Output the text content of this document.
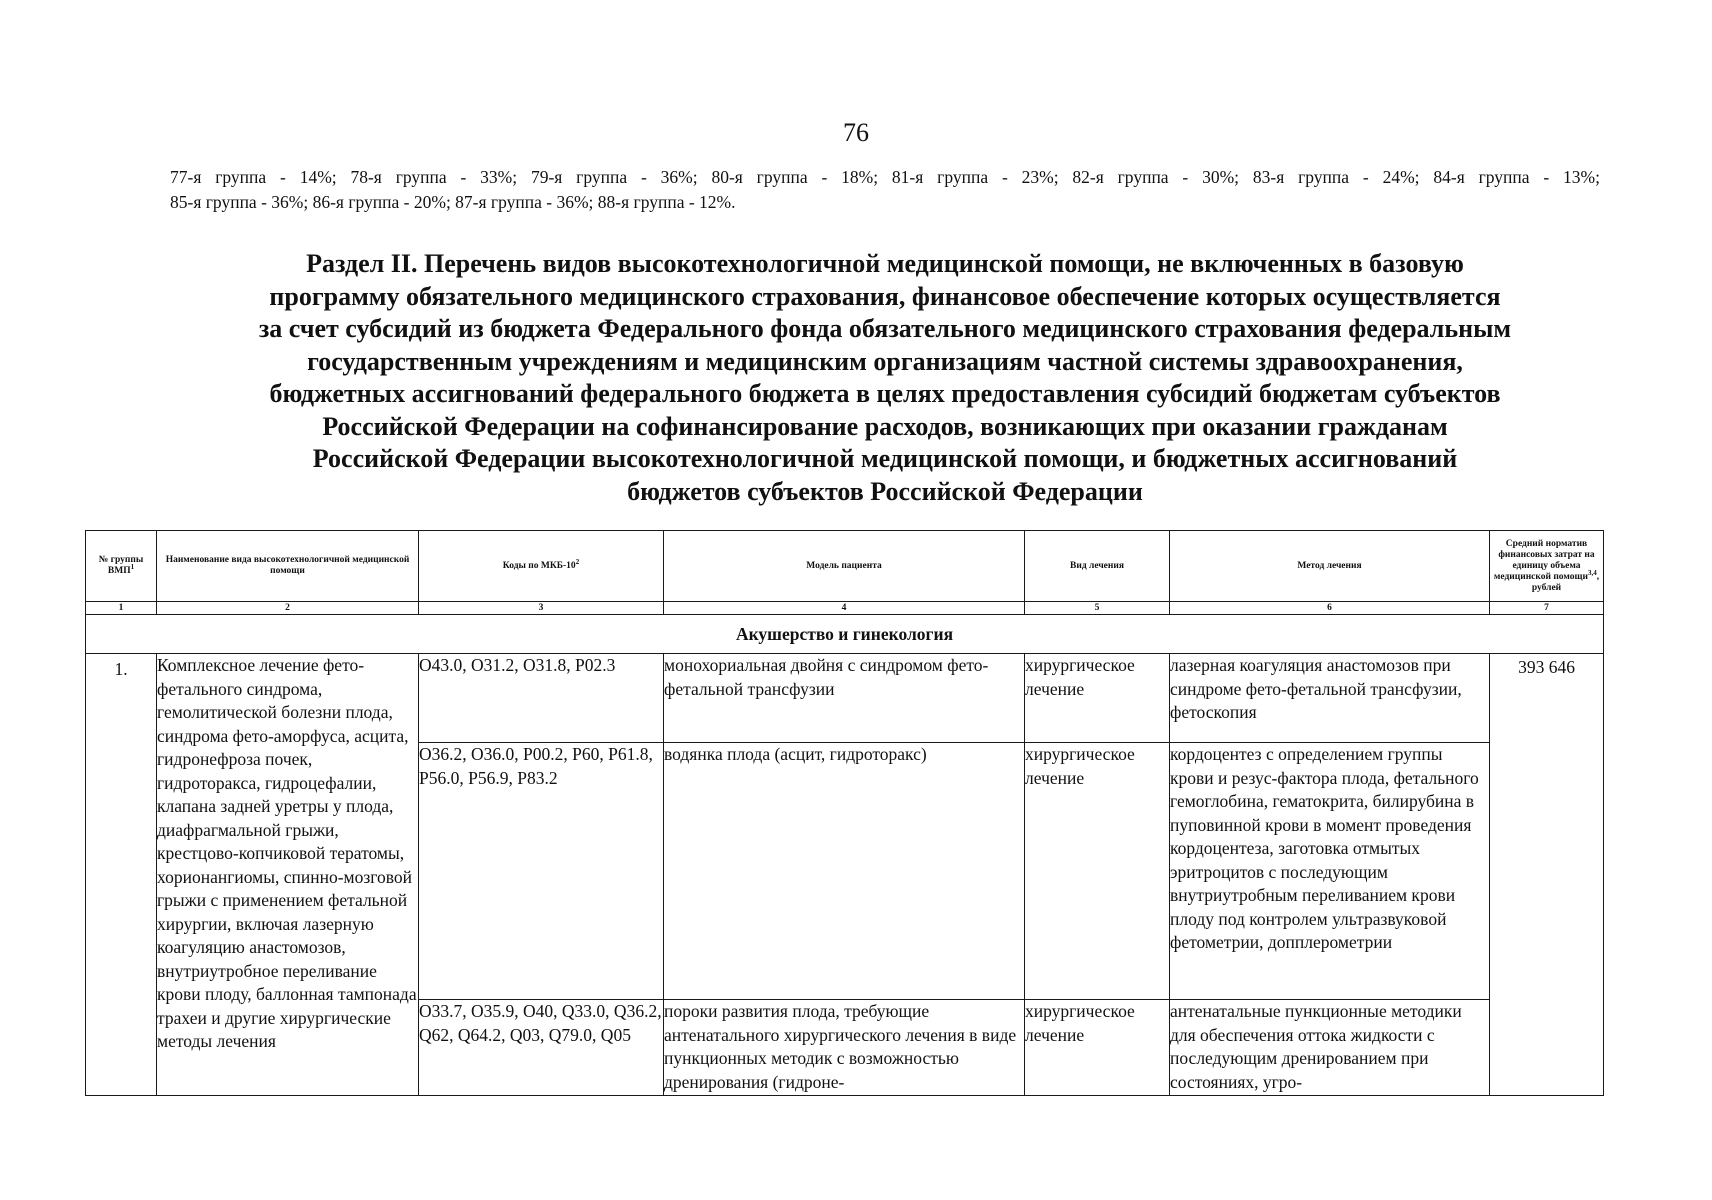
76
77-я группа - 14%; 78-я группа - 33%; 79-я группа - 36%; 80-я группа - 18%; 81-я группа - 23%; 82-я группа - 30%; 83-я группа - 24%; 84-я группа - 13%;
85-я группа - 36%; 86-я группа - 20%; 87-я группа - 36%; 88-я группа - 12%.
Раздел II. Перечень видов высокотехнологичной медицинской помощи, не включенных в базовую
программу обязательного медицинского страхования, финансовое обеспечение которых осуществляется
за счет субсидий из бюджета Федерального фонда обязательного медицинского страхования федеральным
государственным учреждениям и медицинским организациям частной системы здравоохранения,
бюджетных ассигнований федерального бюджета в целях предоставления субсидий бюджетам субъектов
Российской Федерации на софинансирование расходов, возникающих при оказании гражданам
Российской Федерации высокотехнологичной медицинской помощи, и бюджетных ассигнований
бюджетов субъектов Российской Федерации
№ группы ВМП$^1$	Наименование вида высокотехнологичной медицинской помощи	Коды по МКБ-$10^2$	Модель пациента	Вид лечения	Метод лечения	Средний норматив финансовых затрат на единицу объема медицинской помощи$^{3,4}$, рублей
1	2	3	4	5	6	7
Акушерство и гинекология						
1.	Комплексное лечение фето-фетального синдрома, гемолитической болезни плода, синдрома фето-аморфуса, асцита, гидронефроза почек, гидроторакса, гидроцефалии, клапана задней уретры у плода, диафрагмальной грыжи, крестцово-копчиковой тератомы, хорионангиомы, спинно-мозговой грыжи с применением фетальной хирургии, включая лазерную коагуляцию анастомозов, внутриутробное переливание крови плоду, баллонная тампонада трахеи и другие хирургические методы лечения	O43.0, O31.2, O31.8, P02.3	монохориальная двойня с синдромом фето-фетальной трансфузии	хирургическое лечение	лазерная коагуляция анастомозов при синдроме фето-фетальной трансфузии, фетоскопия	393 646
		O36.2, O36.0, P00.2, P60, P61.8, P56.0, P56.9, P83.2	водянка плода (асцит, гидроторакс)	хирургическое лечение	кордоцентез с определением группы крови и резус-фактора плода, фетального гемоглобина, гематокрита, билирубина в пуповинной крови в момент проведения кордоцентеза, заготовка отмытых эритроцитов с последующим внутриутробным переливанием крови плоду под контролем ультразвуковой фетометрии, допплерометрии	
		O33.7, O35.9, O40, Q33.0, Q36.2, Q62, Q64.2, Q03, Q79.0, Q05	пороки развития плода, требующие антенатального хирургического лечения в виде пункционных методик с возможностью дренирования (гидроне-	хирургическое лечение	антенатальные пункционные методики для обеспечения оттока жидкости с последующим дренированием при состояниях, угро-	
